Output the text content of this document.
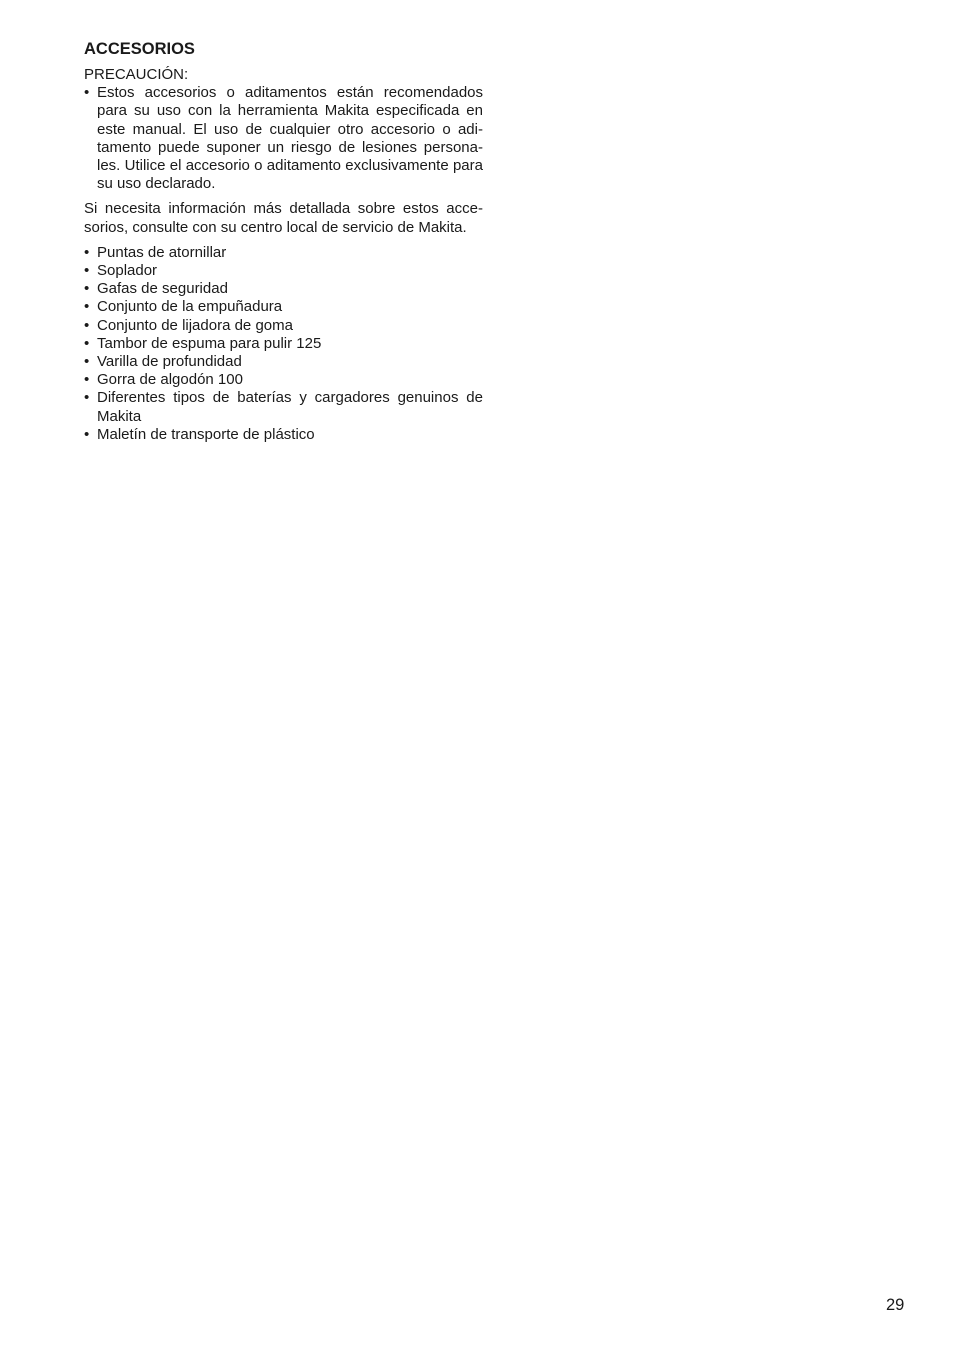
ACCESORIOS

PRECAUCIÓN:

• Estos accesorios o aditamentos están recomendados para su uso con la herramienta Makita especificada en este manual. El uso de cualquier otro accesorio o aditamento puede suponer un riesgo de lesiones personales. Utilice el accesorio o aditamento exclusivamente para su uso declarado.

Si necesita información más detallada sobre estos accesorios, consulte con su centro local de servicio de Makita.

• Puntas de atornillar
• Soplador
• Gafas de seguridad
• Conjunto de la empuñadura
• Conjunto de lijadora de goma
• Tambor de espuma para pulir 125
• Varilla de profundidad
• Gorra de algodón 100
• Diferentes tipos de baterías y cargadores genuinos de Makita
• Maletín de transporte de plástico
29
